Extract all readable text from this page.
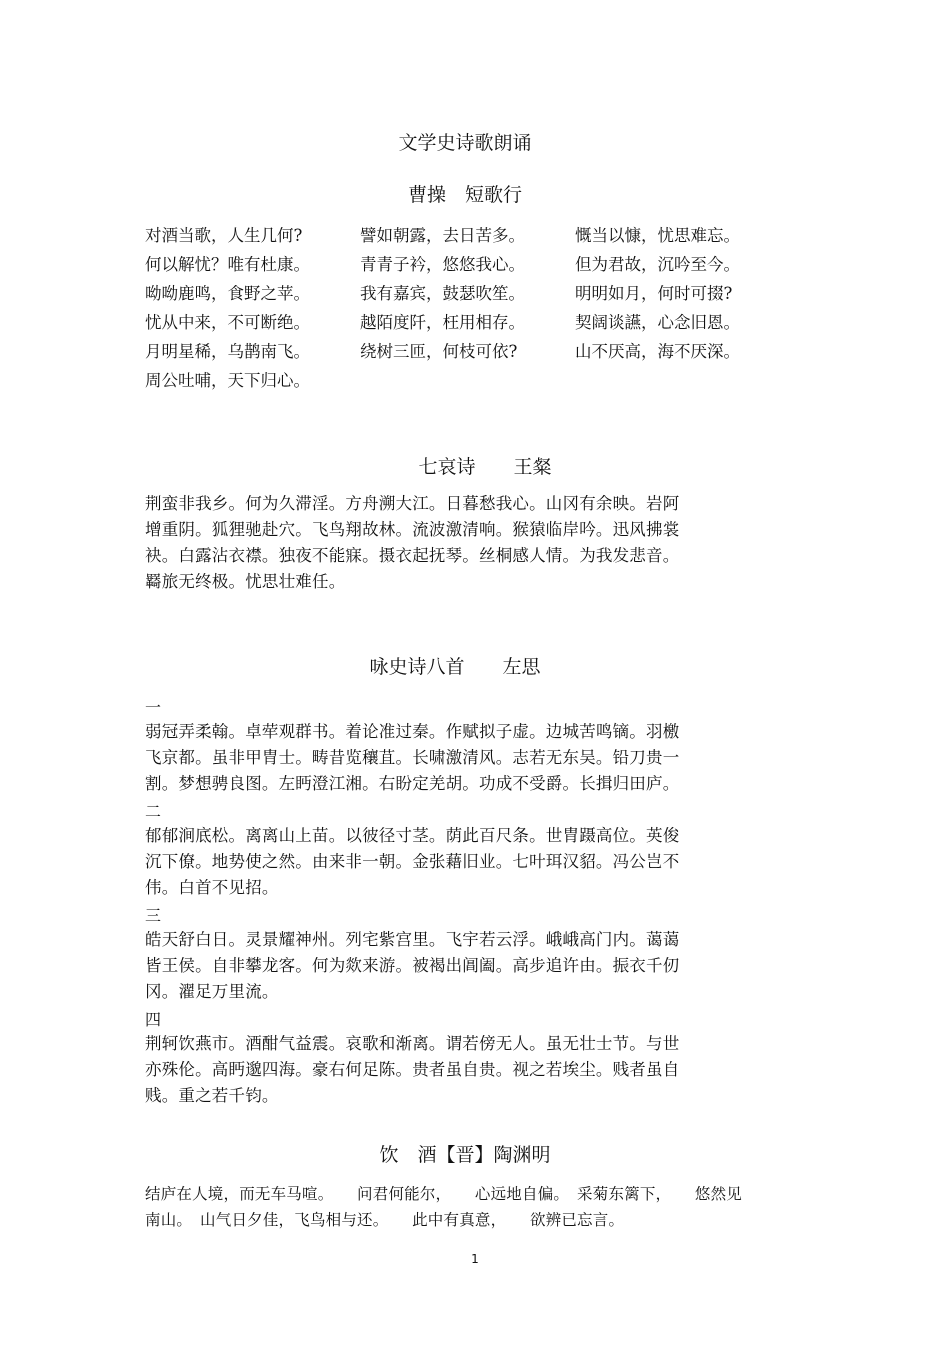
文学史诗歌朗诵
曹操　短歌行
对酒当歌，人生几何?
何以解忧？唯有杜康。
呦呦鹿鸣，食野之苹。
忧从中来，不可断绝。
月明星稀，乌鹊南飞。
周公吐哺，天下归心。
譬如朝露，去日苦多。
青青子衿，悠悠我心。
我有嘉宾，鼓瑟吹笙。
越陌度阡，枉用相存。
绕树三匝，何枝可依?
慨当以慷，忧思难忘。
但为君故，沉吟至今。
明明如月，何时可掇?
契阔谈讌，心念旧恩。
山不厌高，海不厌深。
七哀诗　　王粲
荆蛮非我乡。何为久滞淫。方舟溯大江。日暮愁我心。山冈有余映。岩阿
增重阴。狐狸驰赴穴。飞鸟翔故林。流波激清响。猴猿临岸吟。迅风拂裳
袂。白露沾衣襟。独夜不能寐。摄衣起抚琴。丝桐感人情。为我发悲音。
羇旅无终极。忧思壮难任。
咏史诗八首　　左思
一
弱冠弄柔翰。卓荦观群书。着论准过秦。作赋拟子虚。边城苦鸣镝。羽檄
飞京都。虽非甲胄士。畴昔览穰苴。长啸激清风。志若无东吴。铅刀贵一
割。梦想骋良图。左眄澄江湘。右盼定羌胡。功成不受爵。长揖归田庐。
二
郁郁涧底松。离离山上苗。以彼径寸茎。荫此百尺条。世胄蹑高位。英俊
沉下僚。地势使之然。由来非一朝。金张藉旧业。七叶珥汉貂。冯公岂不
伟。白首不见招。
三
皓天舒白日。灵景耀神州。列宅紫宫里。飞宇若云浮。峨峨高门内。蔼蔼
皆王侯。自非攀龙客。何为欻来游。被褐出阊阖。高步追许由。振衣千仞
冈。濯足万里流。
四
荆轲饮燕市。酒酣气益震。哀歌和渐离。谓若傍无人。虽无壮士节。与世
亦殊伦。高眄邈四海。豪右何足陈。贵者虽自贵。视之若埃尘。贱者虽自
贱。重之若千钧。
饮　酒【晋】陶渊明
结庐在人境，而无车马喧。　　问君何能尔，　　心远地自偏。　采菊东篱下，　　悠然见
南山。　山气日夕佳，飞鸟相与还。　　此中有真意，　　欲辨已忘言。
1
